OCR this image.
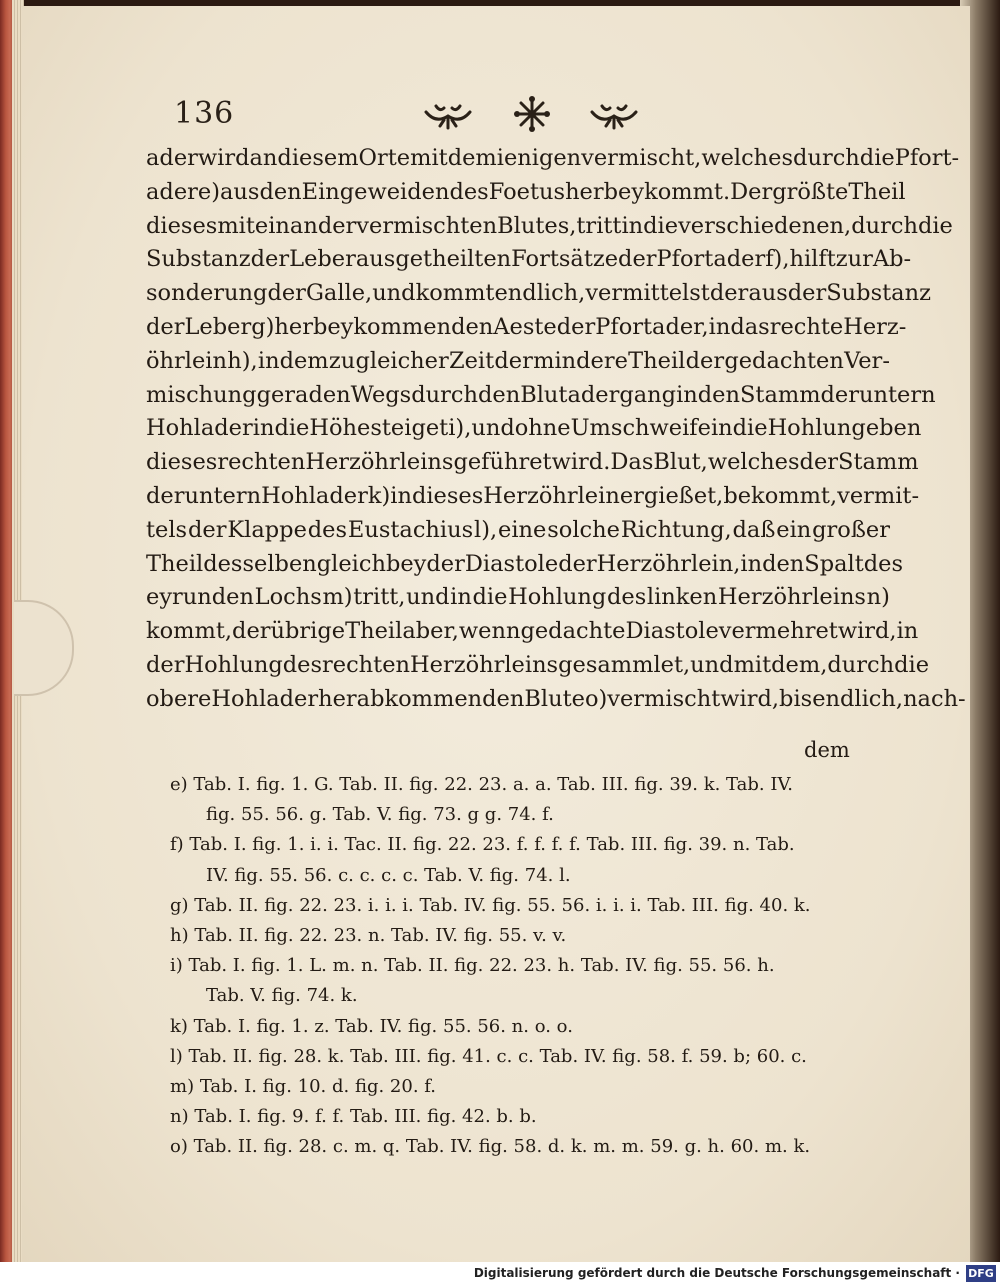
136
ader wird an diesem Orte mit demienigen vermischt, welches durch die Pfort-
ader e) aus den Eingeweiden des Foetus herbey kommt. Der größte Theil
dieses mit einander vermischten Blutes, tritt in die verschiedenen, durch die
Substanz der Leber ausgetheilten Fortsätze der Pfortader f), hilft zur Ab-
sonderung der Galle, und kommt endlich, vermittelst der aus der Substanz
der Leber g) herbey kommenden Aeste der Pfortader, in das rechte Herz-
öhrlein h), indem zu gleicher Zeit der mindere Theil der gedachten Ver-
mischung geraden Wegs durch den Blutadergang in den Stamm der untern
Hohlader in die Höhe steiget i), und ohne Umschweife in die Hohlung eben
dieses rechten Herzöhrleins geführet wird. Das Blut, welches der Stamm
der untern Hohlader k) in dieses Herzöhrlein ergießet, bekommt, vermit-
tels der Klappe des Eustachius l), eine solche Richtung, daß ein großer
Theil desselben gleich bey der Diastole der Herzöhrlein, in den Spalt des
eyrunden Lochs m) tritt, und in die Hohlung des linken Herzöhrleins n)
kommt, der übrige Theil aber, wenn gedachte Diastole vermehret wird, in
der Hohlung des rechten Herzöhrleins gesammlet, und mit dem, durch die
obere Hohlader herabkommenden Blute o) vermischt wird, bis endlich, nach-
dem
e) Tab. I. fig. 1. G. Tab. II. fig. 22. 23. a. a. Tab. III. fig. 39. k. Tab. IV.
fig. 55. 56. g. Tab. V. fig. 73. g g. 74. f.
f) Tab. I. fig. 1. i. i. Tac. II. fig. 22. 23. f. f. f. f. Tab. III. fig. 39. n. Tab.
IV. fig. 55. 56. c. c. c. c. Tab. V. fig. 74. l.
g) Tab. II. fig. 22. 23. i. i. i. Tab. IV. fig. 55. 56. i. i. i. Tab. III. fig. 40. k.
h) Tab. II. fig. 22. 23. n. Tab. IV. fig. 55. v. v.
i) Tab. I. fig. 1. L. m. n. Tab. II. fig. 22. 23. h. Tab. IV. fig. 55. 56. h.
Tab. V. fig. 74. k.
k) Tab. I. fig. 1. z. Tab. IV. fig. 55. 56. n. o. o.
l) Tab. II. fig. 28. k. Tab. III. fig. 41. c. c. Tab. IV. fig. 58. f. 59. b; 60. c.
m) Tab. I. fig. 10. d. fig. 20. f.
n) Tab. I. fig. 9. f. f. Tab. III. fig. 42. b. b.
o) Tab. II. fig. 28. c. m. q. Tab. IV. fig. 58. d. k. m. m. 59. g. h. 60. m. k.
Digitalisierung gefördert durch die Deutsche Forschungsgemeinschaft · DFG
